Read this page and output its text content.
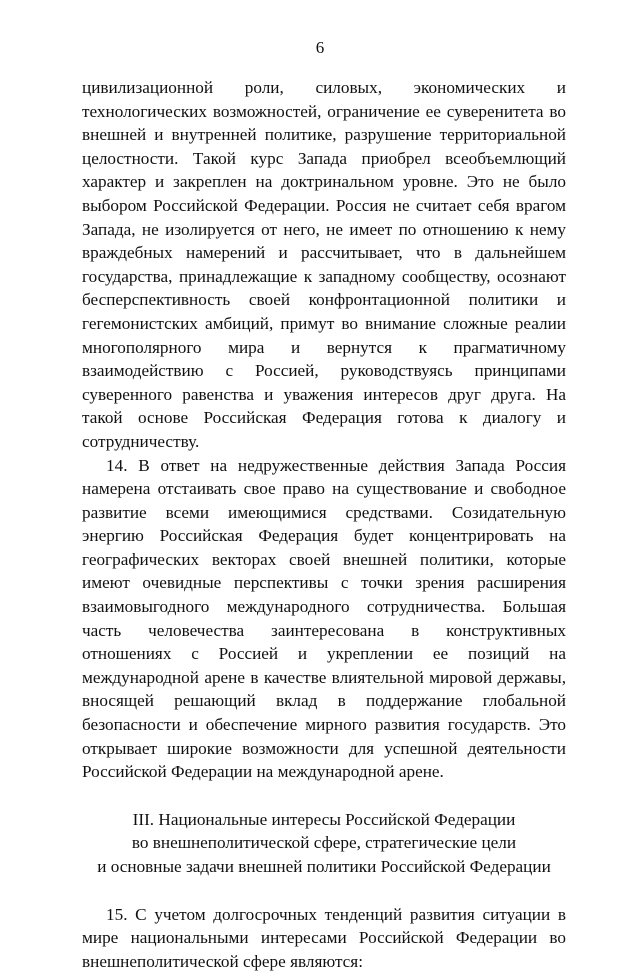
6

цивилизационной роли, силовых, экономических и технологических возможностей, ограничение ее суверенитета во внешней и внутренней политике, разрушение территориальной целостности. Такой курс Запада приобрел всеобъемлющий характер и закреплен на доктринальном уровне. Это не было выбором Российской Федерации. Россия не считает себя врагом Запада, не изолируется от него, не имеет по отношению к нему враждебных намерений и рассчитывает, что в дальнейшем государства, принадлежащие к западному сообществу, осознают бесперспективность своей конфронтационной политики и гегемонистских амбиций, примут во внимание сложные реалии многополярного мира и вернутся к прагматичному взаимодействию с Россией, руководствуясь принципами суверенного равенства и уважения интересов друг друга. На такой основе Российская Федерация готова к диалогу и сотрудничеству.

14. В ответ на недружественные действия Запада Россия намерена отстаивать свое право на существование и свободное развитие всеми имеющимися средствами. Созидательную энергию Российская Федерация будет концентрировать на географических векторах своей внешней политики, которые имеют очевидные перспективы с точки зрения расширения взаимовыгодного международного сотрудничества. Большая часть человечества заинтересована в конструктивных отношениях с Россией и укреплении ее позиций на международной арене в качестве влиятельной мировой державы, вносящей решающий вклад в поддержание глобальной безопасности и обеспечение мирного развития государств. Это открывает широкие возможности для успешной деятельности Российской Федерации на международной арене.

III. Национальные интересы Российской Федерации
во внешнеполитической сфере, стратегические цели
и основные задачи внешней политики Российской Федерации

15. С учетом долгосрочных тенденций развития ситуации в мире национальными интересами Российской Федерации во внешнеполитической сфере являются:
